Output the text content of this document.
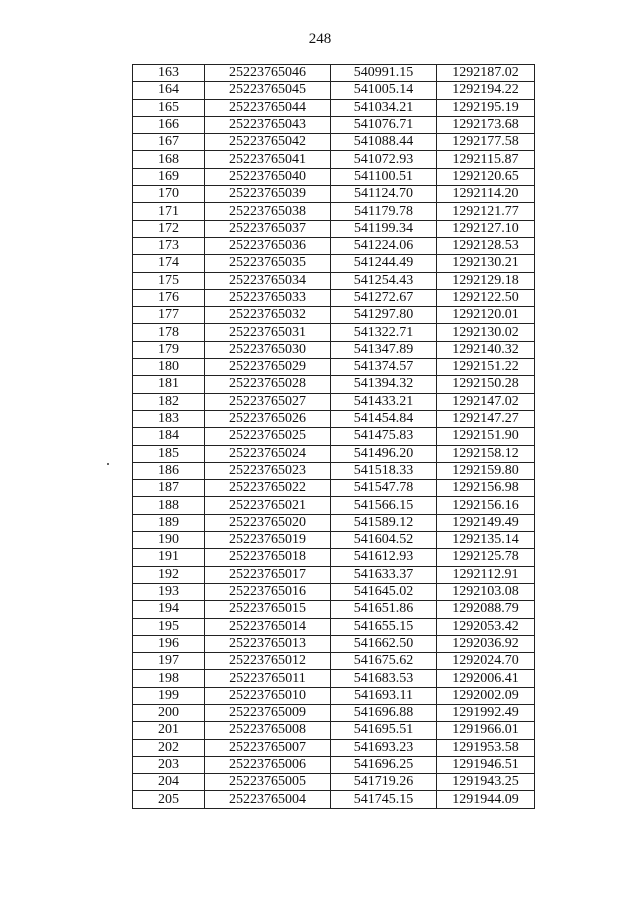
248
163	25223765046	540991.15	1292187.02
164	25223765045	541005.14	1292194.22
165	25223765044	541034.21	1292195.19
166	25223765043	541076.71	1292173.68
167	25223765042	541088.44	1292177.58
168	25223765041	541072.93	1292115.87
169	25223765040	541100.51	1292120.65
170	25223765039	541124.70	1292114.20
171	25223765038	541179.78	1292121.77
172	25223765037	541199.34	1292127.10
173	25223765036	541224.06	1292128.53
174	25223765035	541244.49	1292130.21
175	25223765034	541254.43	1292129.18
176	25223765033	541272.67	1292122.50
177	25223765032	541297.80	1292120.01
178	25223765031	541322.71	1292130.02
179	25223765030	541347.89	1292140.32
180	25223765029	541374.57	1292151.22
181	25223765028	541394.32	1292150.28
182	25223765027	541433.21	1292147.02
183	25223765026	541454.84	1292147.27
184	25223765025	541475.83	1292151.90
185	25223765024	541496.20	1292158.12
186	25223765023	541518.33	1292159.80
187	25223765022	541547.78	1292156.98
188	25223765021	541566.15	1292156.16
189	25223765020	541589.12	1292149.49
190	25223765019	541604.52	1292135.14
191	25223765018	541612.93	1292125.78
192	25223765017	541633.37	1292112.91
193	25223765016	541645.02	1292103.08
194	25223765015	541651.86	1292088.79
195	25223765014	541655.15	1292053.42
196	25223765013	541662.50	1292036.92
197	25223765012	541675.62	1292024.70
198	25223765011	541683.53	1292006.41
199	25223765010	541693.11	1292002.09
200	25223765009	541696.88	1291992.49
201	25223765008	541695.51	1291966.01
202	25223765007	541693.23	1291953.58
203	25223765006	541696.25	1291946.51
204	25223765005	541719.26	1291943.25
205	25223765004	541745.15	1291944.09
